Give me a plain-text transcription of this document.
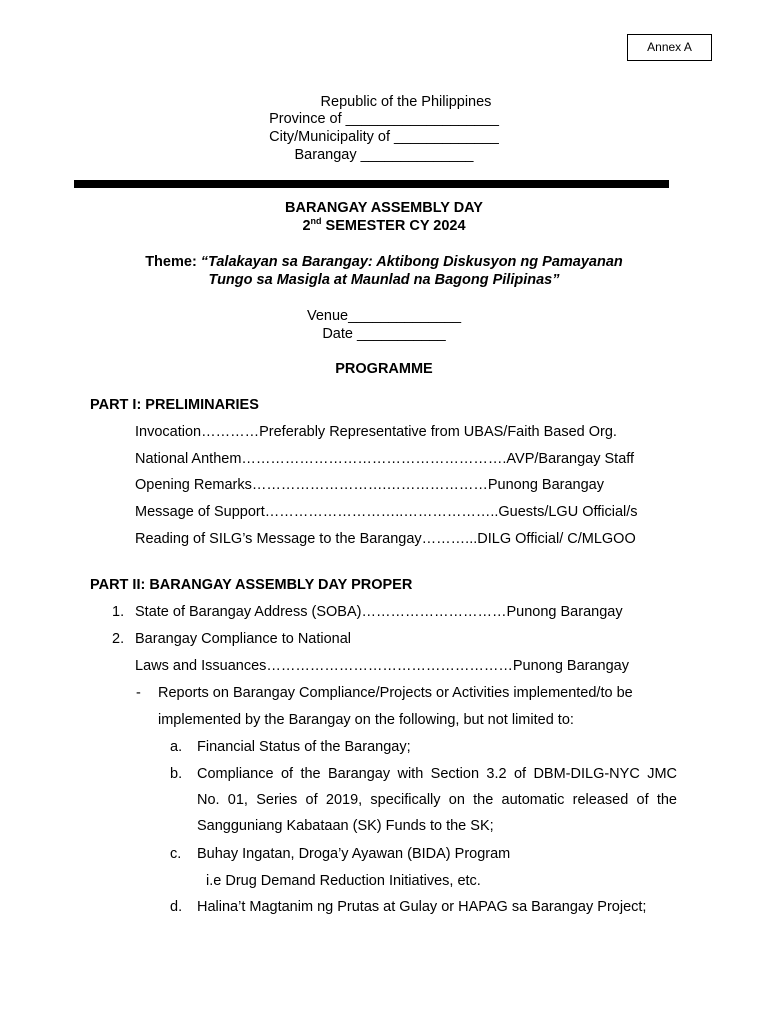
Annex A
Republic of the Philippines
Province of ___________________
City/Municipality of _____________
Barangay ______________
BARANGAY ASSEMBLY DAY
2nd SEMESTER CY 2024
Theme: “Talakayan sa Barangay: Aktibong Diskusyon ng Pamayanan
Tungo sa Masigla at Maunlad na Bagong Pilipinas”
Venue______________
Date ___________
PROGRAMME
PART I: PRELIMINARIES
Invocation…………Preferably Representative from UBAS/Faith Based Org.
National Anthem……………………………………………….AVP/Barangay Staff
Opening Remarks……………………….…………………Punong Barangay
Message of Support………………………..………………..Guests/LGU Official/s
Reading of SILG’s Message to the Barangay………...DILG Official/ C/MLGOO
PART II: BARANGAY ASSEMBLY DAY PROPER
1. State of Barangay Address (SOBA)…………………………Punong Barangay
2. Barangay Compliance to National
Laws and Issuances……………………………………………Punong Barangay
- Reports on Barangay Compliance/Projects or Activities implemented/to be
implemented by the Barangay on the following, but not limited to:
a. Financial Status of the Barangay;
b. Compliance of the Barangay with Section 3.2 of DBM-DILG-NYC JMC
No. 01, Series of 2019, specifically on the automatic released of the
Sangguniang Kabataan (SK) Funds to the SK;
c. Buhay Ingatan, Droga’y Ayawan (BIDA) Program
i.e Drug Demand Reduction Initiatives, etc.
d. Halina’t Magtanim ng Prutas at Gulay or HAPAG sa Barangay Project;
